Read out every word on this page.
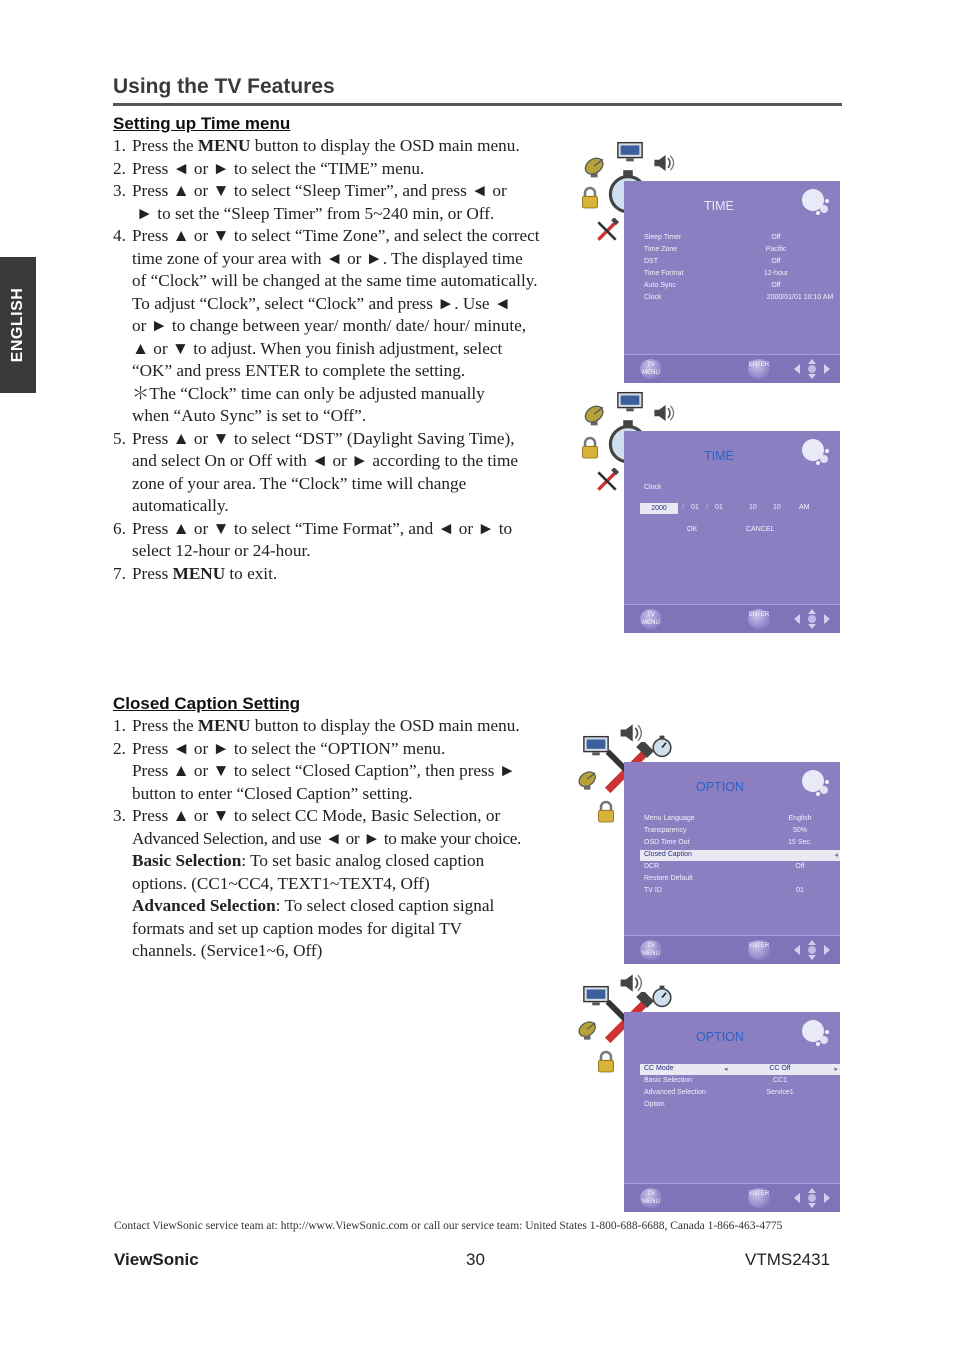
ENGLISH
Using the TV Features
Setting up Time menu
1. Press the MENU button to display the OSD main menu.
2. Press ◄ or ► to select the “TIME” menu.
3. Press ▲ or ▼ to select “Sleep Timer”, and press ◄ or
► to set the “Sleep Timer” from 5~240 min, or Off.
4. Press ▲ or ▼ to select “Time Zone”, and select the correct
time zone of your area with ◄ or ►. The displayed time
of “Clock” will be changed at the same time automatically.
To adjust “Clock”, select “Clock” and press ►. Use ◄
or ► to change between year/ month/ date/ hour/ minute,
▲ or ▼ to adjust. When you finish adjustment, select
“OK” and press ENTER to complete the setting.
＊The “Clock” time can only be adjusted manually
when “Auto Sync” is set to “Off”.
5. Press ▲ or ▼ to select “DST” (Daylight Saving Time),
and select On or Off with ◄ or ► according to the time
zone of your area. The “Clock” time will change
automatically.
6. Press ▲ or ▼ to select “Time Format”, and ◄ or ► to
select 12-hour or 24-hour.
7. Press MENU to exit.
Closed Caption Setting
1. Press the MENU button to display the OSD main menu.
2. Press ◄ or ► to select the “OPTION” menu.
Press ▲ or ▼ to select “Closed Caption”, then press ►
button to enter “Closed Caption” setting.
3. Press ▲ or ▼ to select CC Mode, Basic Selection, or
Advanced Selection, and use ◄ or ► to make your choice.
Basic Selection: To set basic analog closed caption
options. (CC1~CC4, TEXT1~TEXT4, Off)
Advanced Selection: To select closed caption signal
formats and set up caption modes for digital TV
channels. (Service1~6, Off)
TIME
Sleep Timer	Off
Time Zone	Pacific
DST	Off
Time Format	12-hour
Auto Sync	Off
Clock	2000/01/01 10:10 AM
TV MENU
ENTER
TIME
Clock
2000	/ 01 / 01	10 10	AM
OK	CANCEL
TV MENU
ENTER
OPTION
Menu Language	English
Transparency	50%
OSD Time Out	15 Sec.
Closed Caption	◂
DCR	Off
Restore Default
TV ID	01
TV MENU
ENTER
OPTION
CC Mode	◂	CC Off	▸
Basic Selection	CC1
Advanced Selection	Service1
Option
TV MENU
ENTER
Contact ViewSonic service team at: http://www.ViewSonic.com or call our service team: United States 1-800-688-6688, Canada 1-866-463-4775
ViewSonic	30	VTMS2431
